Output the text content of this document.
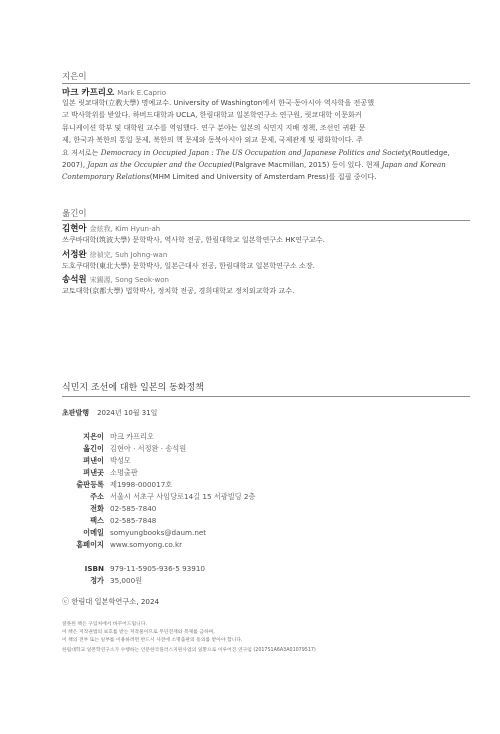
지은이
마크 카프리오 Mark E.Caprio
일본 릿쿄대학(立敎大學) 명예교수. University of Washington에서 한국·동아시아 역사학을 전공했
고 박사학위를 받았다. 하버드대학과 UCLA, 한림대학교 일본학연구소 연구원, 릿쿄대학 이문화커
뮤니케이션 학부 및 대학원 교수를 역임했다. 연구 분야는 일본의 식민지 지배 정책, 조선인 귀환 문
제, 한국과 북한의 통일 문제, 북한의 핵 문제와 동북아시아 외교 문제, 국제관계 및 평화학이다. 주
요 저서로는 Democracy in Occupied Japan : The US Occupation and Japanese Politics and Society(Routledge,
2007), Japan as the Occupier and the Occupied(Palgrave Macmillan, 2015) 등이 있다. 현재 Japan and Korean
Contemporary Relations(MHM Limited and University of Amsterdam Press)를 집필 중이다.
옮긴이
김현아 金炫我, Kim Hyun-ah
쓰쿠바대학(筑波大學) 문학박사, 역사학 전공, 한림대학교 일본학연구소 HK연구교수.
서정완 徐禎完, Suh Johng-wan
도호쿠대학(東北大學) 문학박사, 일본근대사 전공, 한림대학교 일본학연구소 소장.
송석원 宋錫源, Song Seok-won
교토대학(京都大學) 법학박사, 정치학 전공, 경희대학교 정치외교학과 교수.
식민지 조선에 대한 일본의 동화정책
초판발행 2024년 10월 31일
지은이 마크 카프리오
옮긴이 김현아 · 서정완 · 송석원
펴낸이 박성모
펴낸곳 소명출판
출판등록 제1998-000017호
주소 서울시 서초구 사임당로14길 15 서광빌딩 2층
전화 02-585-7840
팩스 02-585-7848
이메일 somyungbooks@daum.net
홈페이지 www.somyong.co.kr
ISBN 979-11-5905-936-5 93910
정가 35,000원
ⓒ 한림대 일본학연구소, 2024
잘못된 책은 구입처에서 바꾸어드립니다.
이 책은 저작권법의 보호를 받는 저작물이므로 무단전재와 복제를 금하며,
이 책의 전부 또는 일부를 이용하려면 반드시 사전에 소명출판의 동의를 받아야 합니다.
한림대학교 일본학연구소가 수행하는 인문한국플러스지원사업의 일환으로 이루어진 연구임 (2017S1A6A3A01079517)
